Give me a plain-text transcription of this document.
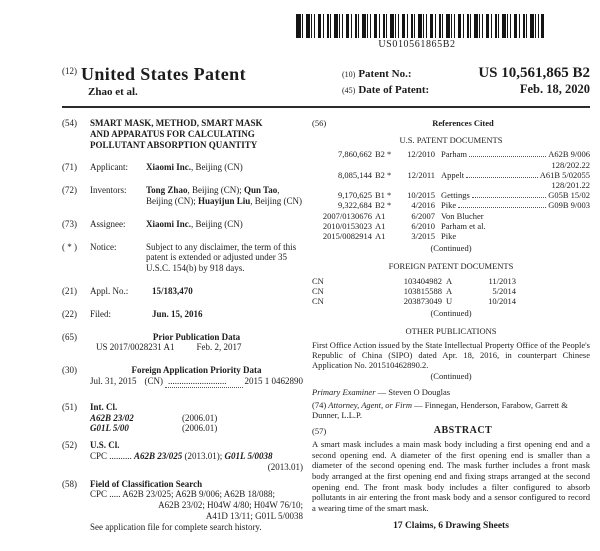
US010561865B2
$^{(12)}$ United States Patent
Zhao et al.
(10) Patent No.:	US 10,561,865 B2
(45) Date of Patent:	Feb. 18, 2020
(54)	SMART MASK, METHOD, SMART MASK AND APPARATUS FOR CALCULATING POLLUTANT ABSORPTION QUANTITY
(71)	Applicant:	Xiaomi Inc., Beijing (CN)
(72)	Inventors:	Tong Zhao, Beijing (CN); Qun Tao, Beijing (CN); Huayijun Liu, Beijing (CN)
(73)	Assignee:	Xiaomi Inc., Beijing (CN)
( * )	Notice:	Subject to any disclaimer, the term of this patent is extended or adjusted under 35 U.S.C. 154(b) by 918 days.
(21)	Appl. No.:	15/183,470
(22)	Filed:	Jun. 15, 2016
(65)	Prior Publication Data
US 2017/0028231 A1 Feb. 2, 2017
(30)	Foreign Application Priority Data
Jul. 31, 2015 (CN) ..........................	2015 1 0462890
(51)	Int. Cl.
A62B 23/02	(2006.01)
G01L 5/00	(2006.01)
(52)	U.S. Cl.
CPC .......... A62B 23/025 (2013.01); G01L 5/0038
(2013.01)
(58)	Field of Classification Search
CPC ..... A62B 23/025; A62B 9/006; A62B 18/088;
A62B 23/02; H04W 4/80; H04W 76/10;
A41D 13/11; G01L 5/0038
See application file for complete search history.
(56)	References Cited
U.S. PATENT DOCUMENTS
7,860,662 B2 *	12/2010 Parham	A62B 9/006
128/202.22
8,085,144 B2 *	12/2011 Appelt	A61B 5/02055
128/201.22
9,170,625 B1 *	10/2015 Gettings	G05B 15/02
9,322,684 B2 *	4/2016 Pike	G09B 9/003
2007/0130676 A1	6/2007 Von Blucher
2010/0153023 A1	6/2010 Parham et al.
2015/0082914 A1	3/2015 Pike
(Continued)
FOREIGN PATENT DOCUMENTS
CN	103404982 A	11/2013
CN	103815588 A	5/2014
CN	203873049 U	10/2014
(Continued)
OTHER PUBLICATIONS
First Office Action issued by the State Intellectual Property Office of the People's Republic of China (SIPO) dated Apr. 18, 2016, in counterpart Chinese Application No. 201510462890.2.
(Continued)
Primary Examiner — Steven O Douglas
(74) Attorney, Agent, or Firm — Finnegan, Henderson, Farabow, Garrett & Dunner, L.L.P.
(57)	ABSTRACT
A smart mask includes a main mask body including a first opening end and a second opening end. A diameter of the first opening end is smaller than a diameter of the second opening end. The mask further includes a front mask body arranged at the first opening end and fixing straps arranged at the second opening end. The front mask body includes a filter configured to absorb pollutants in air entering the front mask body and a sensor configured to record a wearing time of the smart mask.
17 Claims, 6 Drawing Sheets
